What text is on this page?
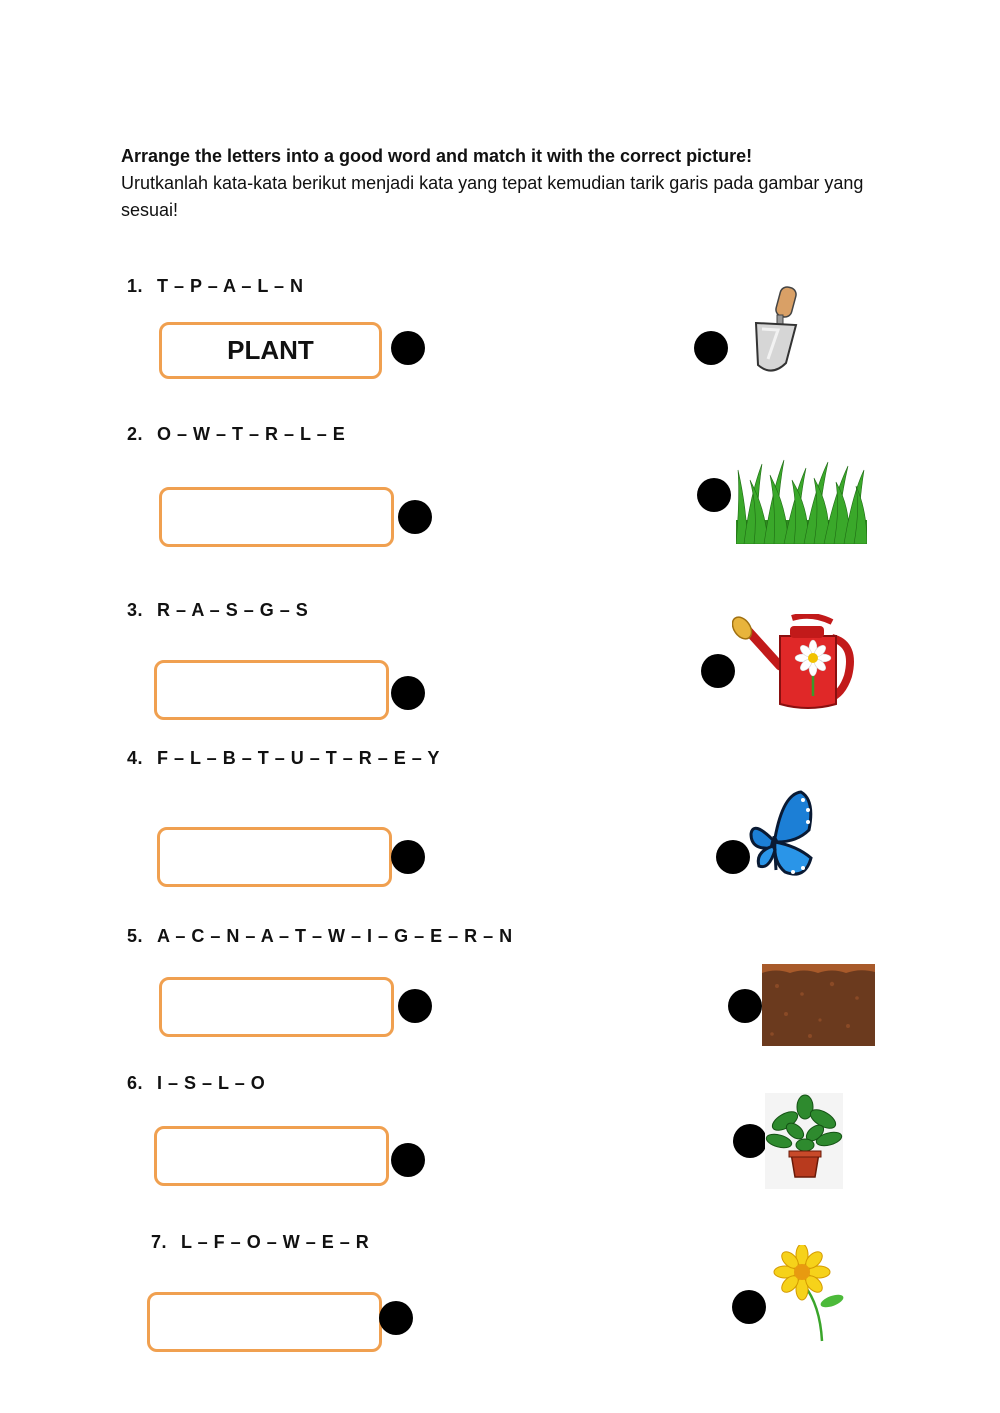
Arrange the letters into a good word and match it with the correct picture!
Urutkanlah kata-kata berikut menjadi kata yang tepat kemudian tarik garis pada gambar yang sesuai!
1. T – P – A – L – N
PLANT
2. O – W – T – R – L – E
3. R – A – S – G – S
4. F – L – B – T – U – T – R – E – Y
5. A – C – N – A – T – W – I – G – E – R – N
6. I – S – L – O
7. L – F – O – W – E – R
